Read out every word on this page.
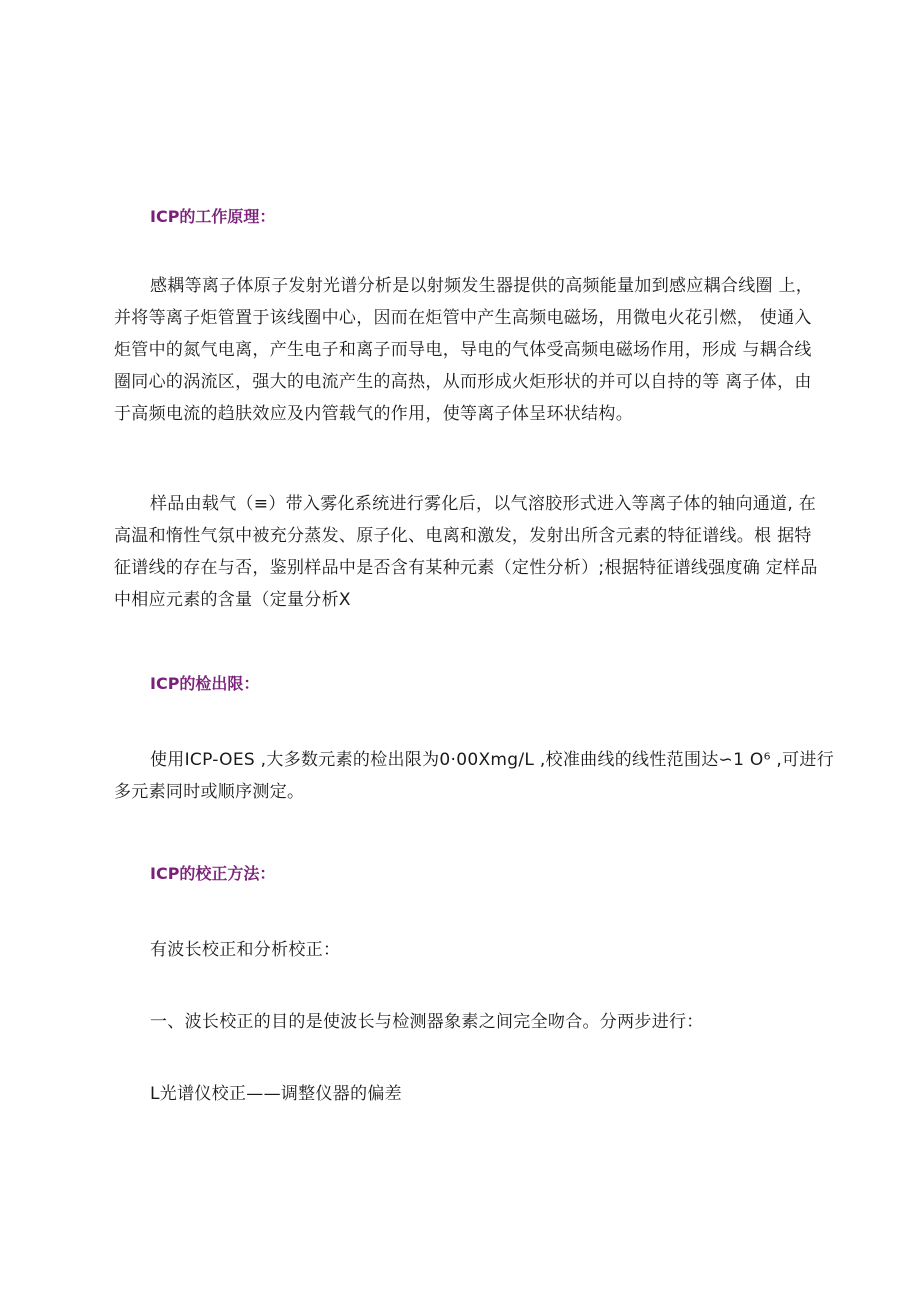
ICP的工作原理：
感耦等离子体原子发射光谱分析是以射频发生器提供的高频能量加到感应耦合线圈 上，
并将等离子炬管置于该线圈中心，因而在炬管中产生高频电磁场，用微电火花引燃， 使通入
炬管中的氮气电离，产生电子和离子而导电，导电的气体受高频电磁场作用，形成 与耦合线
圈同心的涡流区，强大的电流产生的高热，从而形成火炬形状的并可以自持的等 离子体，由
于高频电流的趋肤效应及内管载气的作用，使等离子体呈环状结构。
样品由载气（≡）带入雾化系统进行雾化后，以气溶胶形式进入等离子体的轴向通道, 在
高温和惰性气氛中被充分蒸发、原子化、电离和激发，发射出所含元素的特征谱线。根 据特
征谱线的存在与否，鉴别样品中是否含有某种元素（定性分析）;根据特征谱线强度确 定样品
中相应元素的含量（定量分析X
ICP的检出限：
使用ICP-OES ,大多数元素的检出限为0·00Xmg/L ,校准曲线的线性范围达∽1 O⁶ ,可进行
多元素同时或顺序测定。
ICP的校正方法：
有波长校正和分析校正：
一、波长校正的目的是使波长与检测器象素之间完全吻合。分两步进行：
L光谱仪校正——调整仪器的偏差
